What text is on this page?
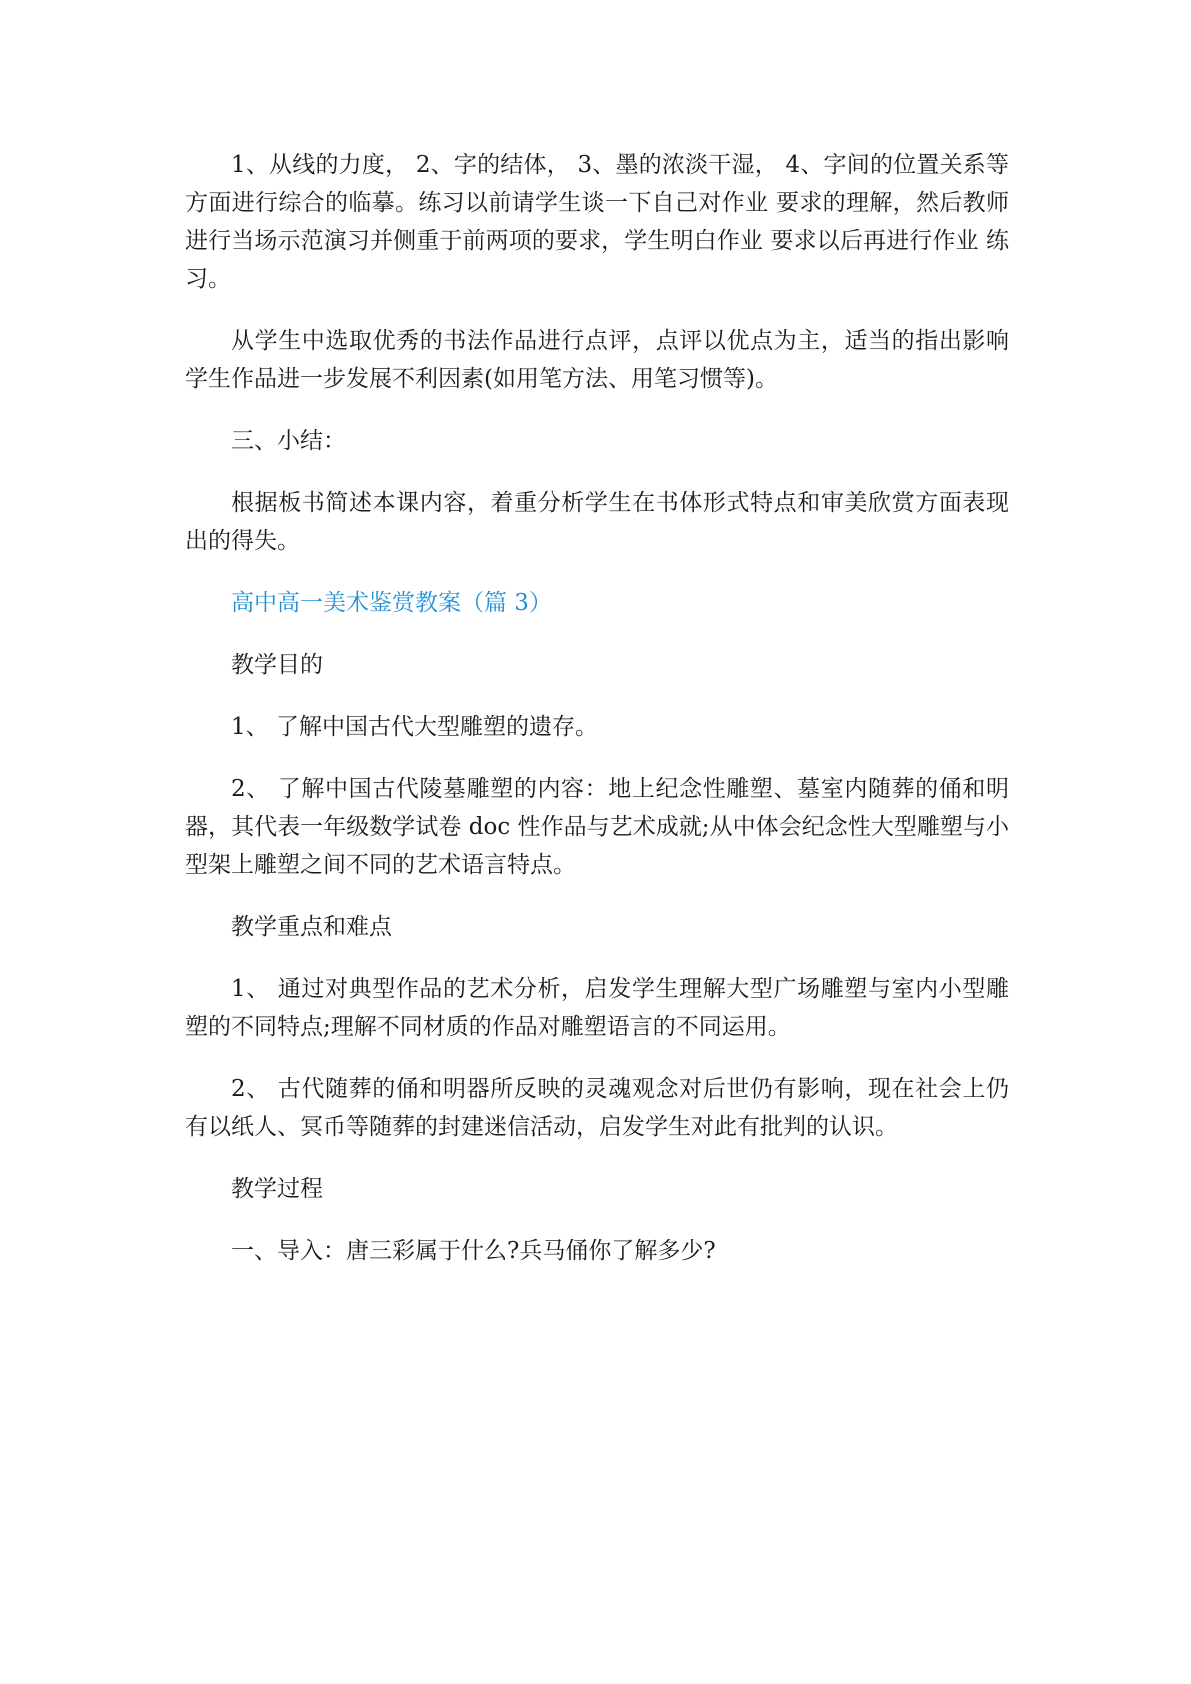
1、从线的力度， 2、字的结体， 3、墨的浓淡干湿， 4、字间的位置关系等方面进行综合的临摹。练习以前请学生谈一下自己对作业 要求的理解，然后教师进行当场示范演习并侧重于前两项的要求，学生明白作业 要求以后再进行作业 练习。

从学生中选取优秀的书法作品进行点评，点评以优点为主，适当的指出影响学生作品进一步发展不利因素(如用笔方法、用笔习惯等)。

三、小结：

根据板书简述本课内容，着重分析学生在书体形式特点和审美欣赏方面表现出的得失。

高中高一美术鉴赏教案（篇 3）

教学目的

1、 了解中国古代大型雕塑的遗存。

2、 了解中国古代陵墓雕塑的内容：地上纪念性雕塑、墓室内随葬的俑和明器，其代表一年级数学试卷 doc 性作品与艺术成就;从中体会纪念性大型雕塑与小型架上雕塑之间不同的艺术语言特点。

教学重点和难点

1、 通过对典型作品的艺术分析，启发学生理解大型广场雕塑与室内小型雕塑的不同特点;理解不同材质的作品对雕塑语言的不同运用。

2、 古代随葬的俑和明器所反映的灵魂观念对后世仍有影响，现在社会上仍有以纸人、冥币等随葬的封建迷信活动，启发学生对此有批判的认识。

教学过程

一、导入：唐三彩属于什么?兵马俑你了解多少?
